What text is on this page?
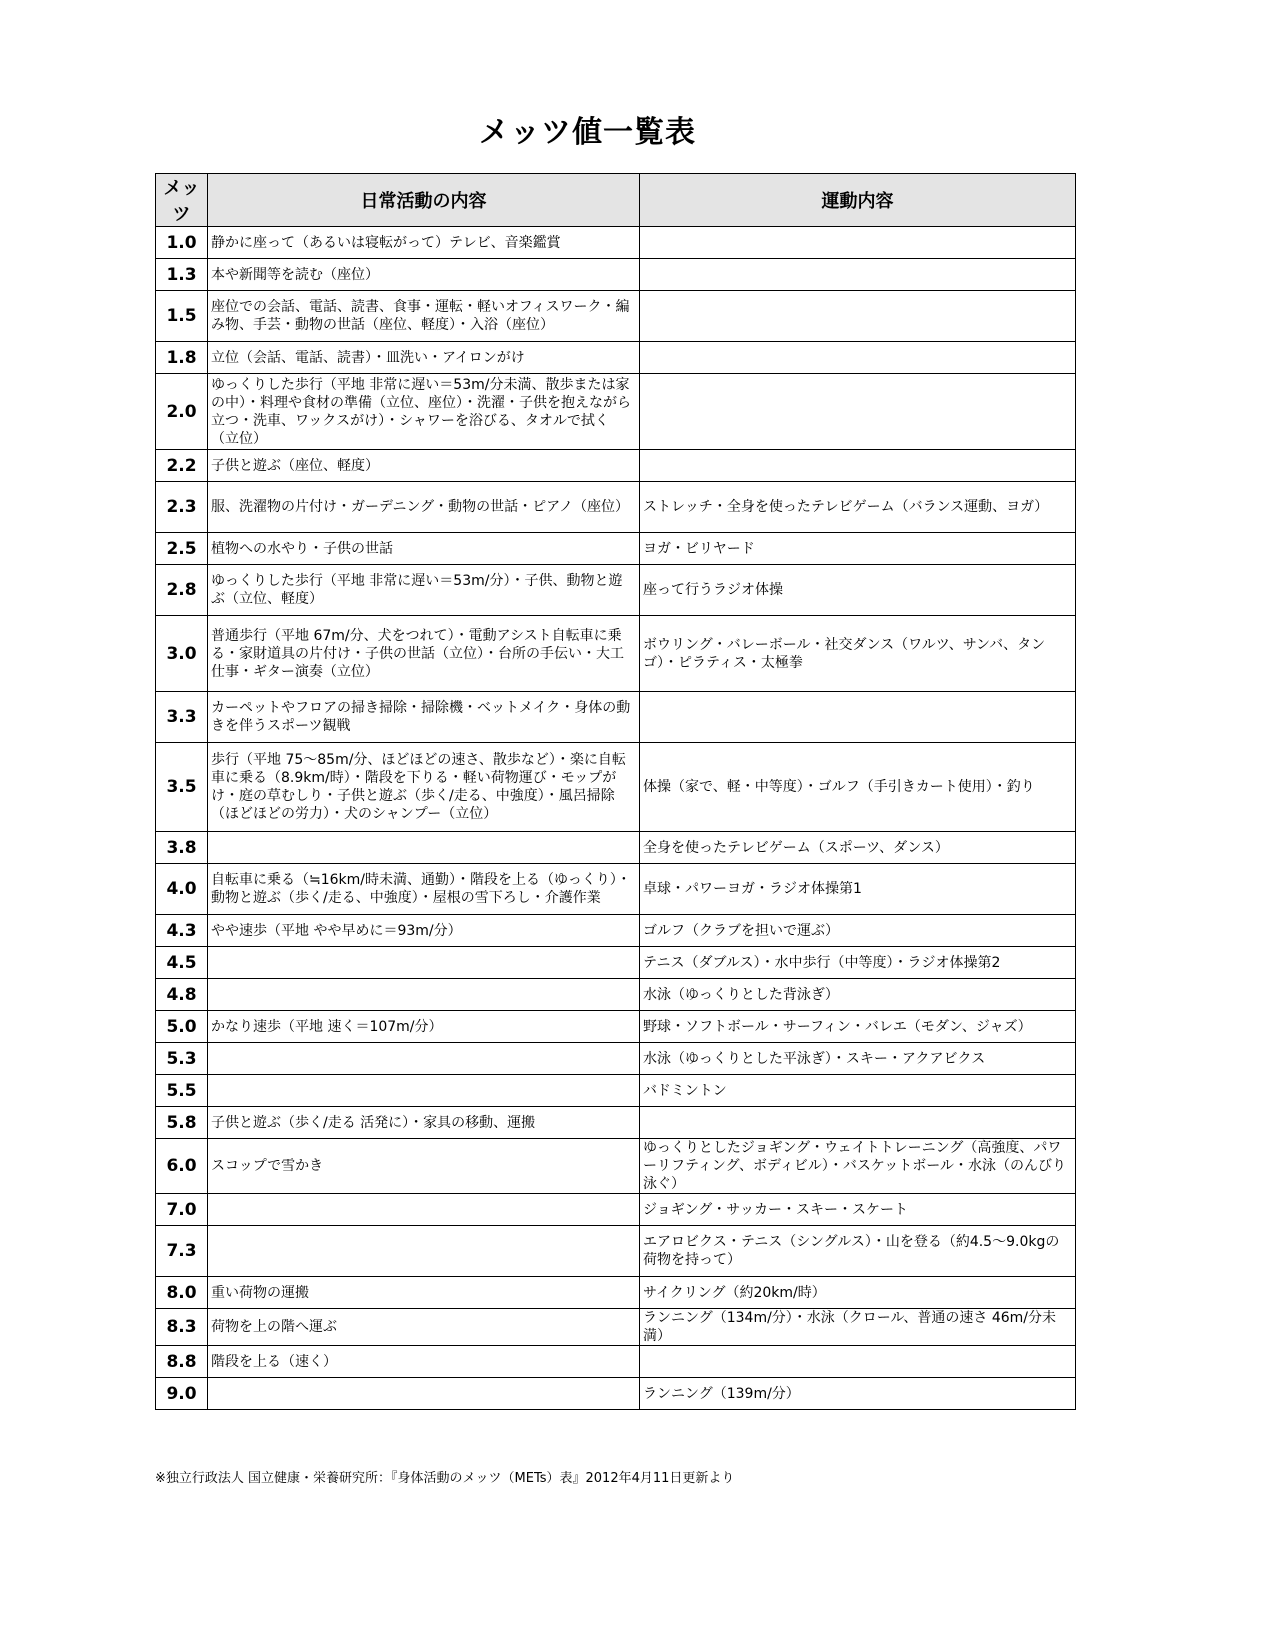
メッツ値一覧表
メッツ	日常活動の内容	運動内容
1.0	静かに座って（あるいは寝転がって）テレビ、音楽鑑賞	
1.3	本や新聞等を読む（座位）	
1.5	座位での会話、電話、読書、食事・運転・軽いオフィスワーク・編み物、手芸・動物の世話（座位、軽度）・入浴（座位）	
1.8	立位（会話、電話、読書）・皿洗い・アイロンがけ	
2.0	ゆっくりした歩行（平地 非常に遅い＝53m/分未満、散歩または家の中）・料理や食材の準備（立位、座位）・洗濯・子供を抱えながら立つ・洗車、ワックスがけ）・シャワーを浴びる、タオルで拭く（立位）	
2.2	子供と遊ぶ（座位、軽度）	
2.3	服、洗濯物の片付け・ガーデニング・動物の世話・ピアノ（座位）	ストレッチ・全身を使ったテレビゲーム（バランス運動、ヨガ）
2.5	植物への水やり・子供の世話	ヨガ・ビリヤード
2.8	ゆっくりした歩行（平地 非常に遅い＝53m/分）・子供、動物と遊ぶ（立位、軽度）	座って行うラジオ体操
3.0	普通歩行（平地 67m/分、犬をつれて）・電動アシスト自転車に乗る・家財道具の片付け・子供の世話（立位）・台所の手伝い・大工仕事・ギター演奏（立位）	ボウリング・バレーボール・社交ダンス（ワルツ、サンバ、タンゴ）・ピラティス・太極拳
3.3	カーペットやフロアの掃き掃除・掃除機・ベットメイク・身体の動きを伴うスポーツ観戦	
3.5	歩行（平地 75～85m/分、ほどほどの速さ、散歩など）・楽に自転車に乗る（8.9km/時）・階段を下りる・軽い荷物運び・モップがけ・庭の草むしり・子供と遊ぶ（歩く/走る、中強度）・風呂掃除（ほどほどの労力）・犬のシャンプー（立位）	体操（家で、軽・中等度）・ゴルフ（手引きカート使用）・釣り
3.8		全身を使ったテレビゲーム（スポーツ、ダンス）
4.0	自転車に乗る（≒16km/時未満、通勤）・階段を上る（ゆっくり）・動物と遊ぶ（歩く/走る、中強度）・屋根の雪下ろし・介護作業	卓球・パワーヨガ・ラジオ体操第1
4.3	やや速歩（平地 やや早めに＝93m/分）	ゴルフ（クラブを担いで運ぶ）
4.5		テニス（ダブルス）・水中歩行（中等度）・ラジオ体操第2
4.8		水泳（ゆっくりとした背泳ぎ）
5.0	かなり速歩（平地 速く＝107m/分）	野球・ソフトボール・サーフィン・バレエ（モダン、ジャズ）
5.3		水泳（ゆっくりとした平泳ぎ）・スキー・アクアビクス
5.5		バドミントン
5.8	子供と遊ぶ（歩く/走る 活発に）・家具の移動、運搬	
6.0	スコップで雪かき	ゆっくりとしたジョギング・ウェイトトレーニング（高強度、パワーリフティング、ボディビル）・バスケットボール・水泳（のんびり泳ぐ）
7.0		ジョギング・サッカー・スキー・スケート
7.3		エアロビクス・テニス（シングルス）・山を登る（約4.5～9.0kgの荷物を持って）
8.0	重い荷物の運搬	サイクリング（約20km/時）
8.3	荷物を上の階へ運ぶ	ランニング（134m/分）・水泳（クロール、普通の速さ 46m/分未満）
8.8	階段を上る（速く）	
9.0		ランニング（139m/分）
※独立行政法人 国立健康・栄養研究所：『身体活動のメッツ（METs）表』2012年4月11日更新より
